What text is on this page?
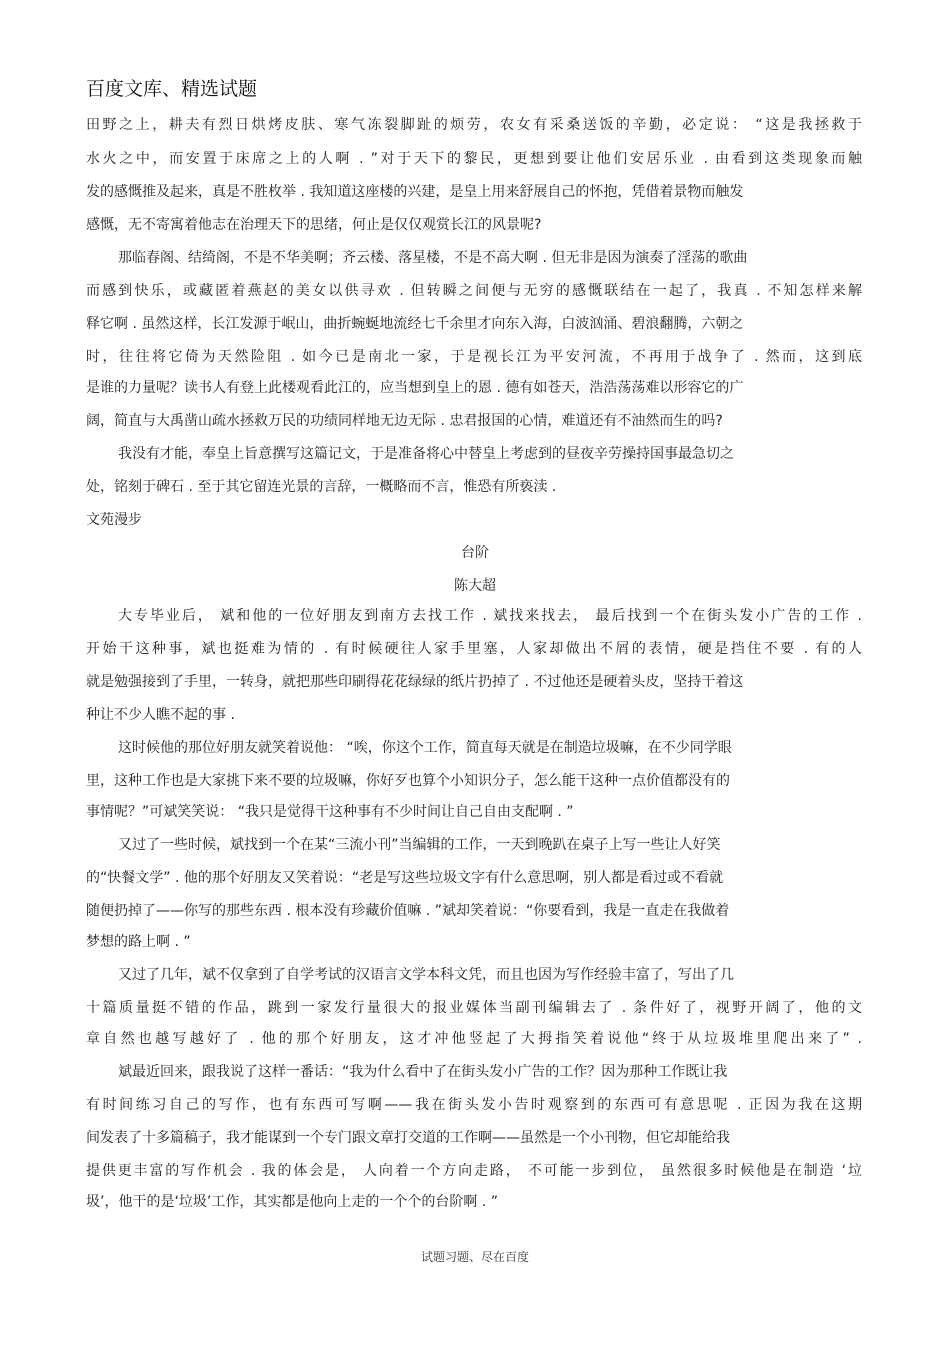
百度文库、精选试题
田野之上，耕夫有烈日烘烤皮肤、寒气冻裂脚趾的烦劳，农女有采桑送饭的辛勤，必定说： “这是我拯救于
水火之中，而安置于床席之上的人啊 . ”对于天下的黎民，更想到要让他们安居乐业 . 由看到这类现象而触
发的感慨推及起来，真是不胜枚举 . 我知道这座楼的兴建，是皇上用来舒展自己的怀抱，凭借着景物而触发
感慨，无不寄寓着他志在治理天下的思绪，何止是仅仅观赏长江的风景呢?
那临春阁、结绮阁，不是不华美啊；齐云楼、落星楼，不是不高大啊 . 但无非是因为演奏了淫荡的歌曲
而感到快乐，或藏匿着燕赵的美女以供寻欢 . 但转瞬之间便与无穷的感慨联结在一起了，我真 . 不知怎样来解
释它啊 . 虽然这样，长江发源于岷山，曲折蜿蜒地流经七千余里才向东入海，白波汹涌、碧浪翻腾，六朝之
时，往往将它倚为天然险阻 . 如今已是南北一家，于是视长江为平安河流，不再用于战争了 . 然而，这到底
是谁的力量呢？读书人有登上此楼观看此江的，应当想到皇上的恩 . 德有如苍天，浩浩荡荡难以形容它的广
阔，简直与大禹凿山疏水拯救万民的功绩同样地无边无际 . 忠君报国的心情，难道还有不油然而生的吗?
我没有才能，奉皇上旨意撰写这篇记文，于是准备将心中替皇上考虑到的昼夜辛劳操持国事最急切之
处，铭刻于碑石 . 至于其它留连光景的言辞，一概略而不言，惟恐有所亵渎 .
文苑漫步
台阶
陈大超
大专毕业后， 斌和他的一位好朋友到南方去找工作 . 斌找来找去， 最后找到一个在街头发小广告的工作 .
开始干这种事，斌也挺难为情的 . 有时候硬往人家手里塞，人家却做出不屑的表情，硬是挡住不要 . 有的人
就是勉强接到了手里，一转身，就把那些印刷得花花绿绿的纸片扔掉了 . 不过他还是硬着头皮，坚持干着这
种让不少人瞧不起的事 .
这时候他的那位好朋友就笑着说他： “唉，你这个工作，简直每天就是在制造垃圾嘛，在不少同学眼
里，这种工作也是大家挑下来不要的垃圾嘛，你好歹也算个小知识分子，怎么能干这种一点价值都没有的
事情呢？”可斌笑笑说： “我只是觉得干这种事有不少时间让自己自由支配啊 . ”
又过了一些时候，斌找到一个在某“三流小刊”当编辑的工作，一天到晚趴在桌子上写一些让人好笑
的“快餐文学” . 他的那个好朋友又笑着说：“老是写这些垃圾文字有什么意思啊，别人都是看过或不看就
随便扔掉了——你写的那些东西 . 根本没有珍藏价值嘛 . ”斌却笑着说：“你要看到，我是一直走在我做着
梦想的路上啊 . ”
又过了几年，斌不仅拿到了自学考试的汉语言文学本科文凭，而且也因为写作经验丰富了，写出了几
十篇质量挺不错的作品，跳到一家发行量很大的报业媒体当副刊编辑去了 . 条件好了，视野开阔了，他的文
章自然也越写越好了 . 他的那个好朋友，这才冲他竖起了大拇指笑着说他“终于从垃圾堆里爬出来了” .
斌最近回来，跟我说了这样一番话：“我为什么看中了在街头发小广告的工作？因为那种工作既让我
有时间练习自己的写作，也有东西可写啊——我在街头发小告时观察到的东西可有意思呢 . 正因为我在这期
间发表了十多篇稿子，我才能谋到一个专门跟文章打交道的工作啊——虽然是一个小刊物，但它却能给我
提供更丰富的写作机会 . 我的体会是， 人向着一个方向走路， 不可能一步到位， 虽然很多时候他是在制造 ‘垃
圾’，他干的是‘垃圾’工作，其实都是他向上走的一个个的台阶啊 . ”
试题习题、尽在百度
